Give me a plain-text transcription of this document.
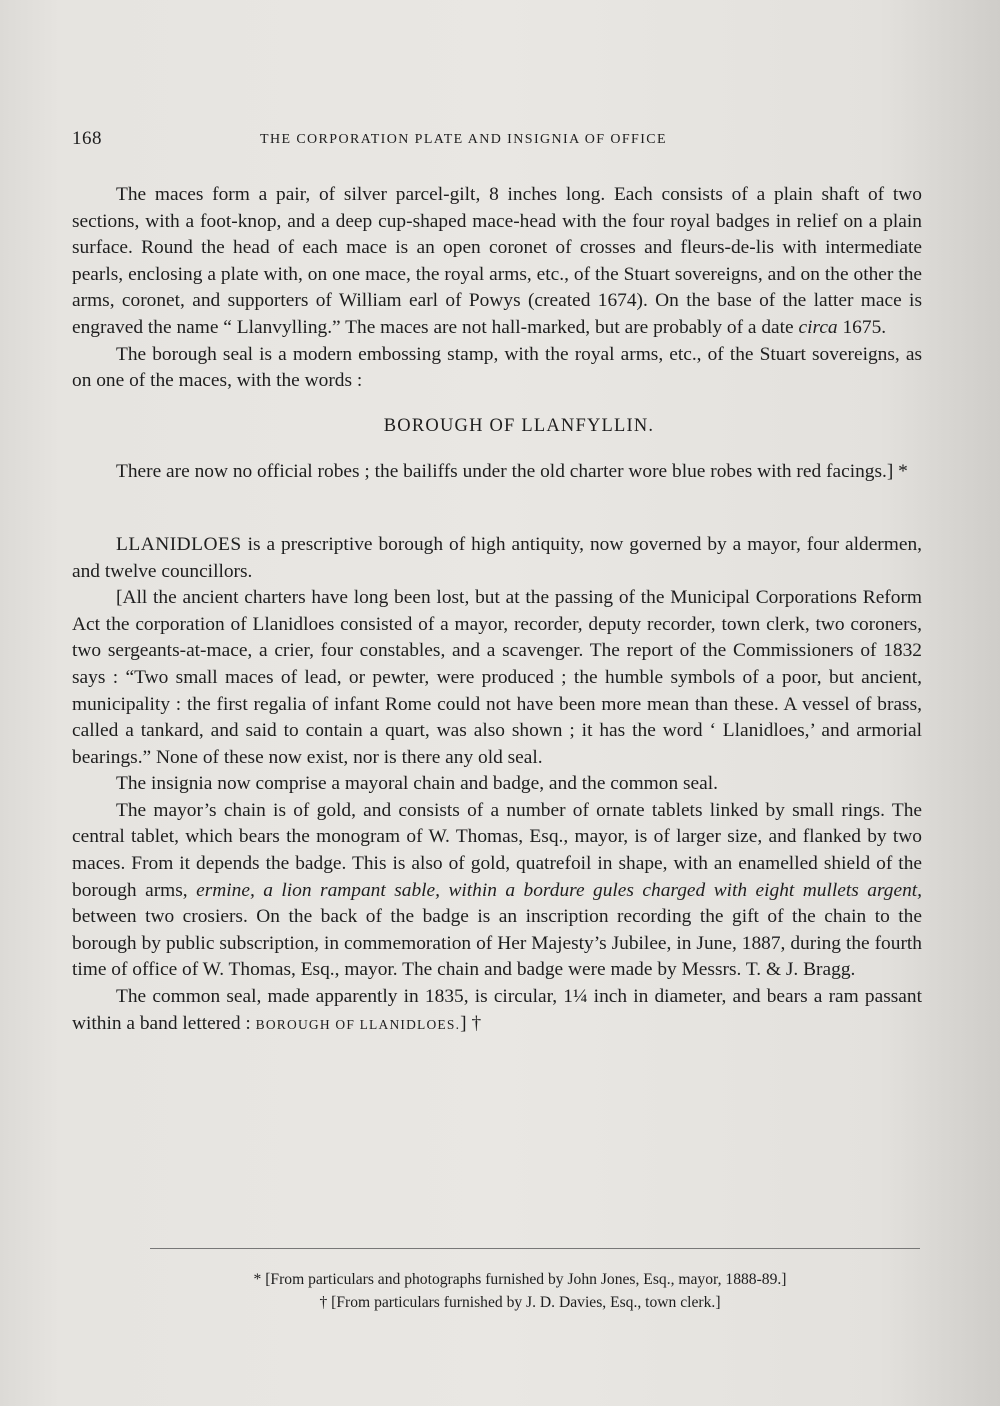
168	THE CORPORATION PLATE AND INSIGNIA OF OFFICE

The maces form a pair, of silver parcel-gilt, 8 inches long. Each consists of a plain shaft of two sections, with a foot-knop, and a deep cup-shaped mace-head with the four royal badges in relief on a plain surface. Round the head of each mace is an open coronet of crosses and fleurs-de-lis with intermediate pearls, enclosing a plate with, on one mace, the royal arms, etc., of the Stuart sovereigns, and on the other the arms, coronet, and supporters of William earl of Powys (created 1674). On the base of the latter mace is engraved the name “ Llanvylling.” The maces are not hall-marked, but are probably of a date circa 1675.

The borough seal is a modern embossing stamp, with the royal arms, etc., of the Stuart sovereigns, as on one of the maces, with the words :

BOROUGH OF LLANFYLLIN.

There are now no official robes ; the bailiffs under the old charter wore blue robes with red facings.] *

LLANIDLOES is a prescriptive borough of high antiquity, now governed by a mayor, four aldermen, and twelve councillors.

[All the ancient charters have long been lost, but at the passing of the Municipal Corporations Reform Act the corporation of Llanidloes consisted of a mayor, recorder, deputy recorder, town clerk, two coroners, two sergeants-at-mace, a crier, four constables, and a scavenger. The report of the Commissioners of 1832 says : “Two small maces of lead, or pewter, were produced ; the humble symbols of a poor, but ancient, municipality : the first regalia of infant Rome could not have been more mean than these. A vessel of brass, called a tankard, and said to contain a quart, was also shown ; it has the word ‘ Llanidloes,’ and armorial bearings.” None of these now exist, nor is there any old seal.

The insignia now comprise a mayoral chain and badge, and the common seal.

The mayor’s chain is of gold, and consists of a number of ornate tablets linked by small rings. The central tablet, which bears the monogram of W. Thomas, Esq., mayor, is of larger size, and flanked by two maces. From it depends the badge. This is also of gold, quatrefoil in shape, with an enamelled shield of the borough arms, ermine, a lion rampant sable, within a bordure gules charged with eight mullets argent, between two crosiers. On the back of the badge is an inscription recording the gift of the chain to the borough by public subscription, in commemoration of Her Majesty’s Jubilee, in June, 1887, during the fourth time of office of W. Thomas, Esq., mayor. The chain and badge were made by Messrs. T. & J. Bragg.

The common seal, made apparently in 1835, is circular, 1¼ inch in diameter, and bears a ram passant within a band lettered : BOROUGH OF LLANIDLOES.] †

* [From particulars and photographs furnished by John Jones, Esq., mayor, 1888-89.]

† [From particulars furnished by J. D. Davies, Esq., town clerk.]
